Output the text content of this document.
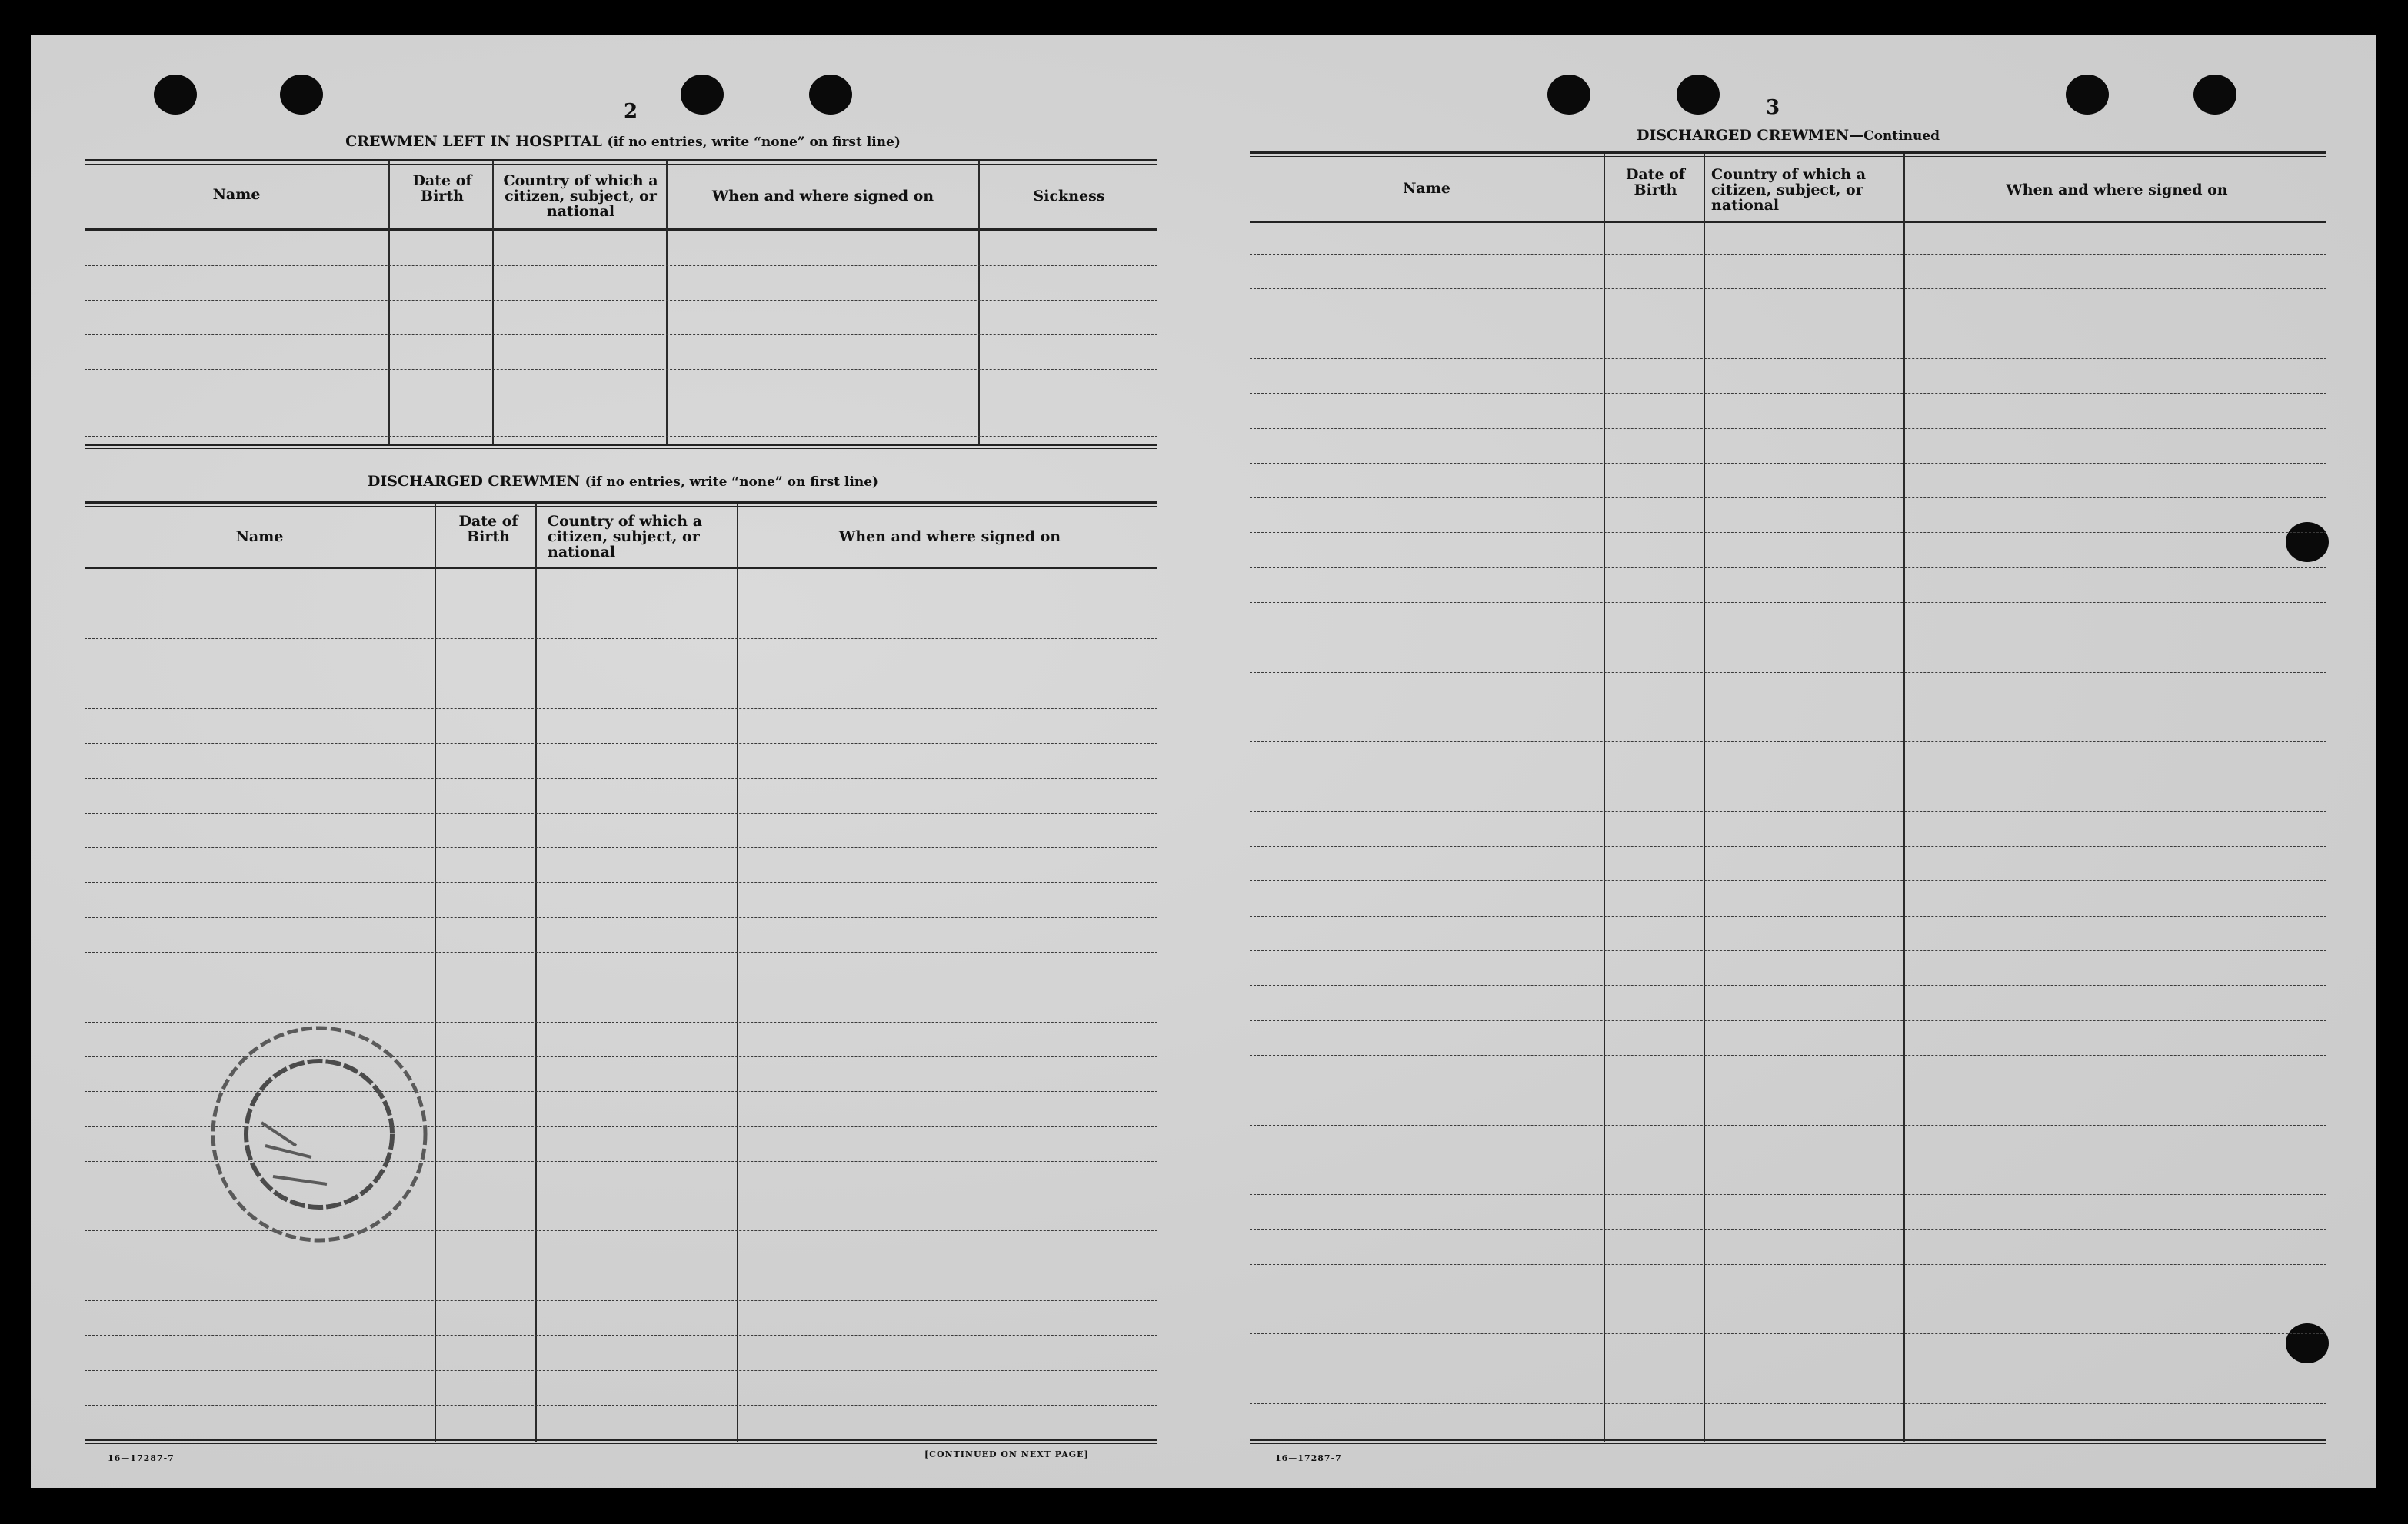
2
CREWMEN LEFT IN HOSPITAL (if no entries, write “none” on first line)
Name
Date of Birth
Country of which a citizen, subject, or national
When and where signed on	Sickness
DISCHARGED CREWMEN (if no entries, write “none” on first line)
Name
Date of Birth
Country of which a citizen, subject, or national
When and where signed on
16—17287-7	[CONTINUED ON NEXT PAGE]
3
DISCHARGED CREWMEN—Continued
Name
Date of Birth
Country of which a citizen, subject, or national
When and where signed on
16—17287-7
